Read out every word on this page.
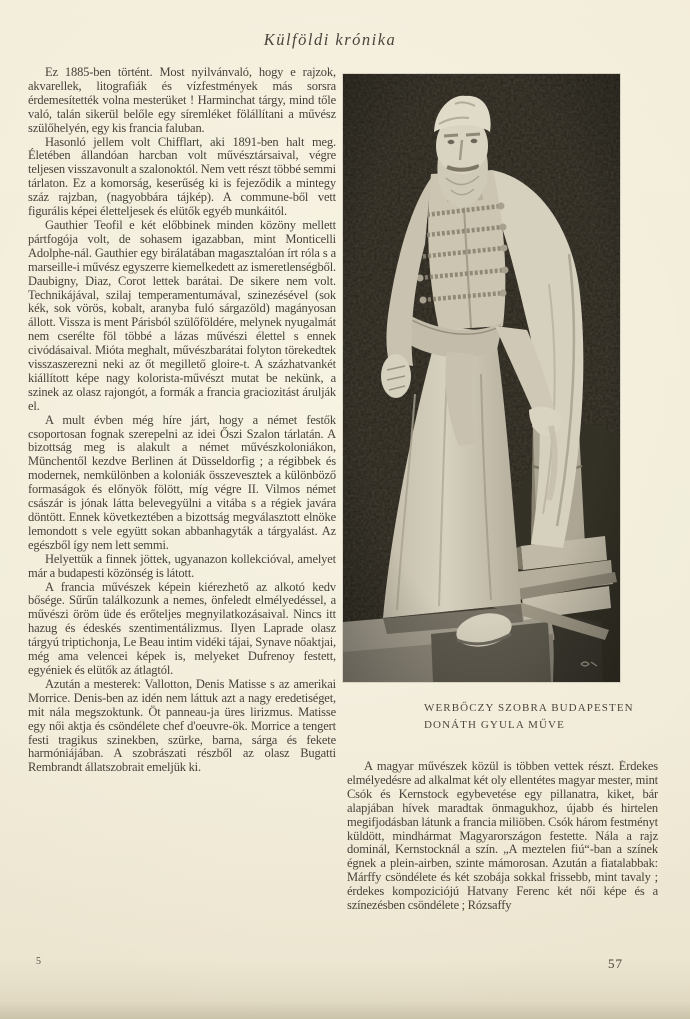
Külföldi krónika

Ez 1885-ben történt. Most nyilvánvaló, hogy e rajzok, akvarellek, litografiák és vízfestmények más sorsra érdemesítették volna mesterüket ! Harminchat tárgy, mind tőle való, talán sikerül belőle egy síremléket fölállítani a művész szülőhelyén, egy kis francia faluban.

Hasonló jellem volt Chifflart, aki 1891-ben halt meg. Életében állandóan harcban volt művésztársaival, végre teljesen visszavonult a szalonoktól. Nem vett részt többé semmi tárlaton. Ez a komorság, keserűség ki is fejeződik a mintegy száz rajzban, (nagyobbára tájkép). A commune-ből vett figurális képei életteljesek és elütők egyéb munkáitól.

Gauthier Teofil e két előbbinek minden közöny mellett pártfogója volt, de sohasem igazabban, mint Monticelli Adolphe-nál. Gauthier egy birálatában magasztalóan írt róla s a marseille-i művész egyszerre kiemelkedett az ismeretlenségből. Daubigny, Diaz, Corot lettek barátai. De sikere nem volt. Technikájával, szilaj temperamentumával, szinezésével (sok kék, sok vörös, kobalt, aranyba fuló sárgazöld) magányosan állott. Vissza is ment Párisból szülőföldére, melynek nyugalmát nem cserélte föl többé a lázas művészi élettel s ennek civódásaival. Mióta meghalt, művészbarátai folyton törekedtek visszaszerezni neki az őt megillető gloire-t. A százhatvankét kiállított képe nagy kolorista-művészt mutat be nekünk, a szinek az olasz rajongót, a formák a francia graciozitást árulják el.

A mult évben még híre járt, hogy a német festők csoportosan fognak szerepelni az idei Őszi Szalon tárlatán. A bizottság meg is alakult a német művészkoloniákon, Münchentől kezdve Berlinen át Düsseldorfig ; a régibbek és modernek, nemkülönben a koloniák összevesztek a különböző formaságok és előnyök fölött, míg végre II. Vilmos német császár is jónak látta belevegyülni a vitába s a régiek javára döntött. Ennek következtében a bizottság megválasztott elnöke lemondott s vele együtt sokan abbanhagyták a tárgyalást. Az egészből így nem lett semmi.

Helyettük a finnek jöttek, ugyanazon kollekcióval, amelyet már a budapesti közönség is látott.

A francia művészek képein kiérezhető az alkotó kedv bősége. Sűrűn találkozunk a nemes, önfeledt elmélyedéssel, a művészi öröm üde és erőteljes megnyilatkozásaival. Nincs itt hazug és édeskés szentimentálizmus. Ilyen Laprade olasz tárgyú triptichonja, Le Beau intim vidéki tájai, Synave nőaktjai, még ama velencei képek is, melyeket Dufrenoy festett, egyéniek és elütők az átlagtól.

Azután a mesterek: Vallotton, Denis Matisse s az amerikai Morrice. Denis-ben az idén nem láttuk azt a nagy eredetiséget, mit nála megszoktunk. Öt panneau-ja üres lirizmus. Matisse egy női aktja és csöndélete chef d'oeuvre-ök. Morrice a tengert festi tragikus szinekben, szürke, barna, sárga és fekete harmóniájában. A szobrászati részből az olasz Bugatti Rembrandt állatszobrait emeljük ki.

WERBŐCZY SZOBRA BUDAPESTEN
DONÁTH GYULA MŰVE

A magyar művészek közül is többen vettek részt. Érdekes elmélyedésre ad alkalmat két oly ellentétes magyar mester, mint Csók és Kernstock egybevetése egy pillanatra, kiket, bár alapjában hívek maradtak önmagukhoz, újabb és hirtelen megifjodásban látunk a francia miliöben. Csók három festményt küldött, mindhármat Magyarországon festette. Nála a rajz dominál, Kernstocknál a szín. „A meztelen fiú“-ban a színek égnek a plein-airben, szinte mámorosan. Azután a fiatalabbak: Márffy csöndélete és két szobája sokkal frissebb, mint tavaly ; érdekes kompoziciójú Hatvany Ferenc két női képe és a színezésben csöndélete ; Rózsaffy

5	57
